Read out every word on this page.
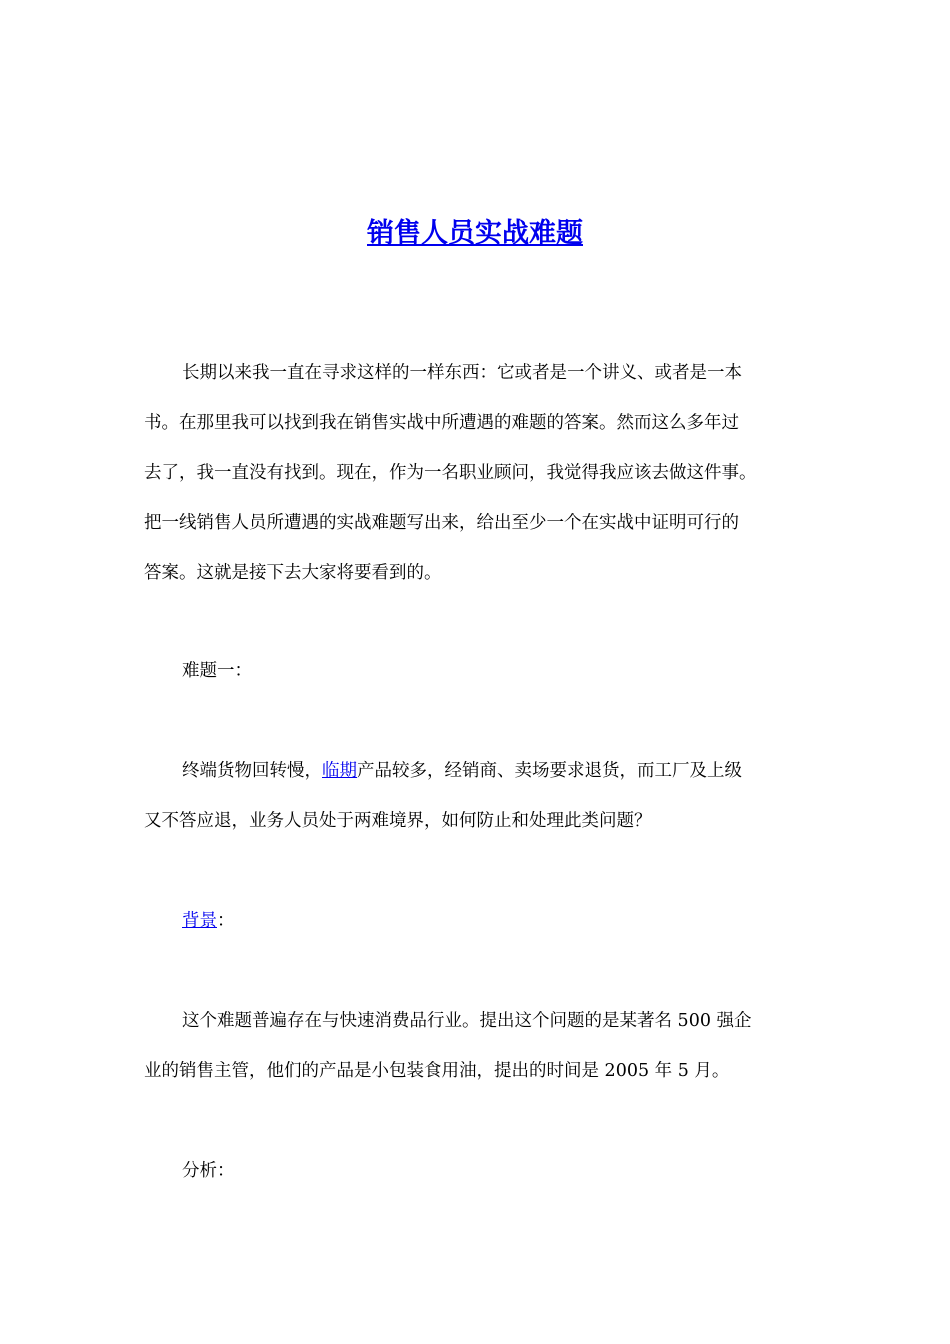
销售人员实战难题
长期以来我一直在寻求这样的一样东西：它或者是一个讲义、或者是一本
书。在那里我可以找到我在销售实战中所遭遇的难题的答案。然而这么多年过
去了，我一直没有找到。现在，作为一名职业顾问，我觉得我应该去做这件事。
把一线销售人员所遭遇的实战难题写出来，给出至少一个在实战中证明可行的
答案。这就是接下去大家将要看到的。
难题一：
终端货物回转慢，临期产品较多，经销商、卖场要求退货，而工厂及上级
又不答应退，业务人员处于两难境界，如何防止和处理此类问题？
背景：
这个难题普遍存在与快速消费品行业。提出这个问题的是某著名 500 强企
业的销售主管，他们的产品是小包装食用油，提出的时间是 2005 年 5 月。
分析：
